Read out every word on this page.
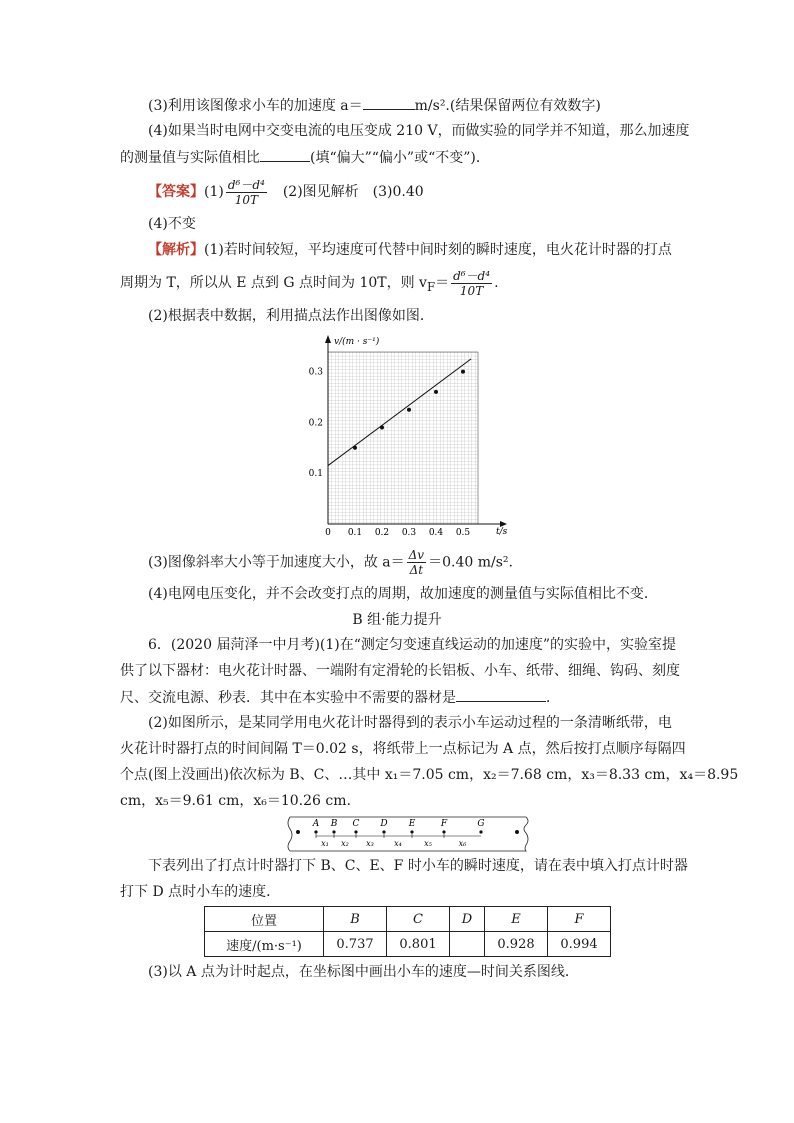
(3)利用该图像求小车的加速度 a＝	m/s².(结果保留两位有效数字)
(4)如果当时电网中交变电流的电压变成 210 V，而做实验的同学并不知道，那么加速度
的测量值与实际值相比	(填“偏大”“偏小”或“不变”)．
【答案】$(1) \frac{\text{d⁶－d⁴}}{10T}$
　 (2)图见解析　(3)0.40
(4)不变
【解析】(1)若时间较短，平均速度可代替中间时刻的瞬时速度，电火花计时器的打点
周期为 T，所以从 E 点到 G 点时间为 10T，则 $v_F= \frac{\text{d⁶－d⁴}}{10T}$ .
(2)根据表中数据，利用描点法作出图像如图．
0 0.1 0.2 0.3 0.4 0.5
0.1
0.2
0.3
v/(m · s⁻¹)
t/s
(3)图像斜率大小等于加速度大小，故 $a= \frac{\Delta v}{\Delta t} =0.40$ m/s².
(4)电网电压变化，并不会改变打点的周期，故加速度的测量值与实际值相比不变．
B 组·能力提升
6．(2020 届菏泽一中月考)(1)在“测定匀变速直线运动的加速度”的实验中，实验室提
供了以下器材：电火花计时器、一端附有定滑轮的长铝板、小车、纸带、细绳、钩码、刻度
尺、交流电源、秒表．其中在本实验中不需要的器材是	．
(2)如图所示，是某同学用电火花计时器得到的表示小车运动过程的一条清晰纸带，电
火花计时器打点的时间间隔 T＝0.02 s，将纸带上一点标记为 A 点，然后按打点顺序每隔四
个点(图上没画出)依次标为 B、C、…其中 x₁＝7.05 cm，x₂＝7.68 cm，x₃＝8.33 cm，x₄＝8.95
cm，x₅＝9.61 cm，x₆＝10.26 cm.
A B C D E	F	G
x₁ x₂ x₃	x₄	x₅	x₆
下表列出了打点计时器打下 B、C、E、F 时小车的瞬时速度，请在表中填入打点计时器
打下 D 点时小车的速度．
位置	B	C	D	E	F
速度/(m·s⁻¹)	0.737	0.801		0.928	0.994
(3)以 A 点为计时起点，在坐标图中画出小车的速度—时间关系图线．
